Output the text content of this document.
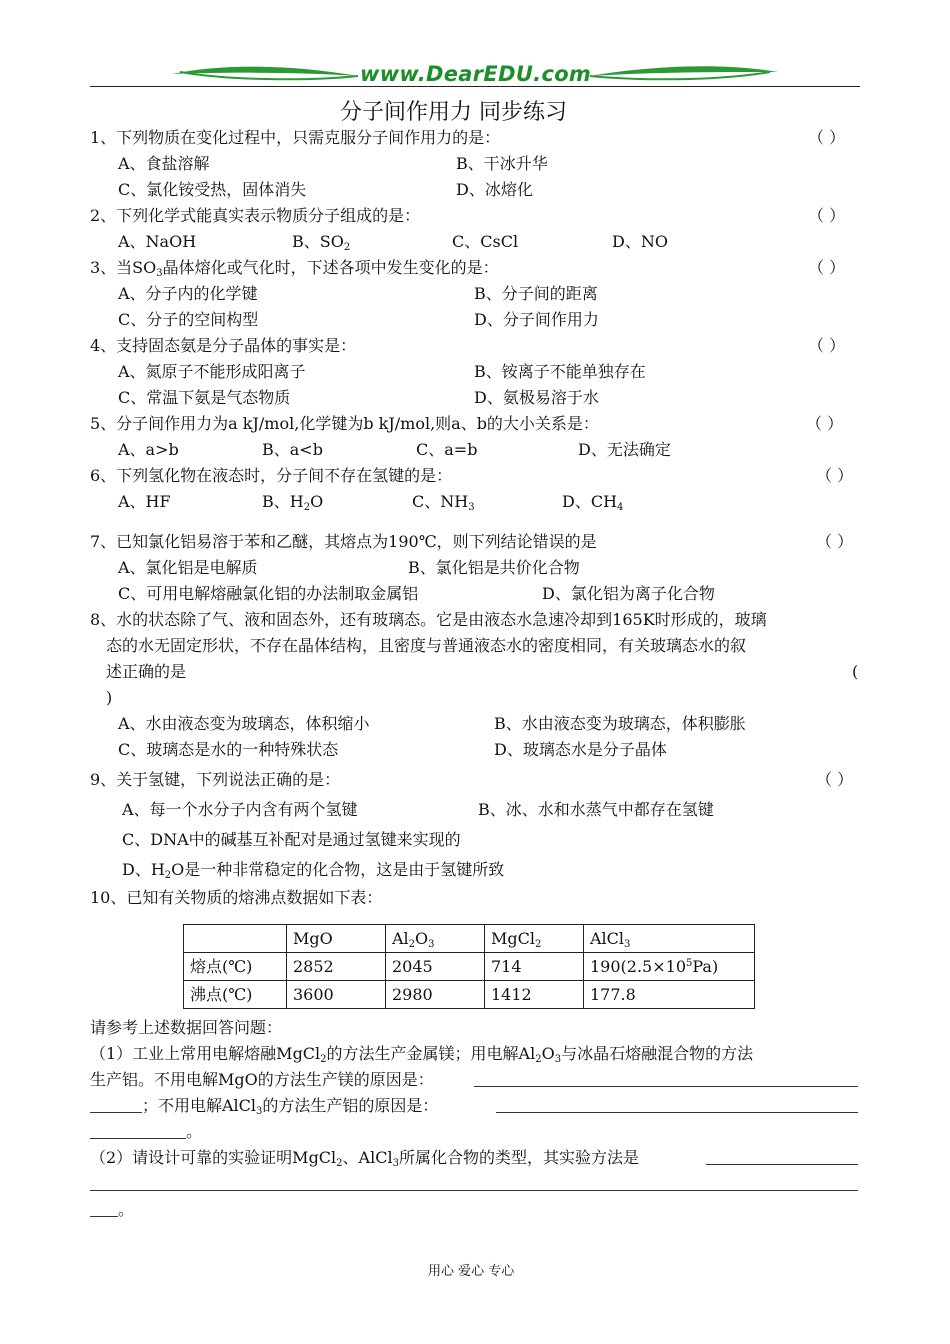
www.DearEDU.com
分子间作用力 同步练习
1、下列物质在变化过程中，只需克服分子间作用力的是：	（ ）
A、食盐溶解	B、干冰升华
C、氯化铵受热，固体消失	D、冰熔化
2、下列化学式能真实表示物质分子组成的是：	（ ）
A、NaOH	B、$SO_2$	C、CsCl	D、NO
3、当$SO_3$晶体熔化或气化时，下述各项中发生变化的是：	（ ）
A、分子内的化学键	B、分子间的距离
C、分子的空间构型	D、分子间作用力
4、支持固态氨是分子晶体的事实是：	（ ）
A、氮原子不能形成阳离子	B、铵离子不能单独存在
C、常温下氨是气态物质	D、氨极易溶于水
5、分子间作用力为a kJ/mol,化学键为b kJ/mol,则a、b的大小关系是：	（ ）
A、a>b	B、a<b	C、a=b	D、无法确定
6、下列氢化物在液态时，分子间不存在氢键的是：	（ ）
A、HF	B、$H_2O$	C、$NH_3$	D、$CH_4$
7、已知氯化铝易溶于苯和乙醚，其熔点为190℃，则下列结论错误的是	（ ）
A、氯化铝是电解质	B、氯化铝是共价化合物
C、可用电解熔融氯化铝的办法制取金属铝	D、氯化铝为离子化合物
8、水的状态除了气、液和固态外，还有玻璃态。它是由液态水急速冷却到165K时形成的，玻璃
态的水无固定形状，不存在晶体结构，且密度与普通液态水的密度相同，有关玻璃态水的叙
述正确的是	(
)
A、水由液态变为玻璃态，体积缩小	B、水由液态变为玻璃态，体积膨胀
C、玻璃态是水的一种特殊状态	D、玻璃态水是分子晶体
9、关于氢键，下列说法正确的是：	（ ）
A、每一个水分子内含有两个氢键	B、冰、水和水蒸气中都存在氢键
C、DNA中的碱基互补配对是通过氢键来实现的
D、$H_2O$是一种非常稳定的化合物，这是由于氢键所致
10、已知有关物质的熔沸点数据如下表：
	MgO	$Al_2O_3$	MgCl$_2$	AlCl$_3$
熔点(℃)	2852	2045	714	$190(2.5\times 10^5Pa)$
沸点(℃)	3600	2980	1412	177.8
请参考上述数据回答问题：
（1）工业上常用电解熔融MgCl$_2$的方法生产金属镁；用电解$Al_2O_3$与冰晶石熔融混合物的方法
生产铝。不用电解MgO的方法生产镁的原因是：
；不用电解AlCl$_3$的方法生产铝的原因是：
。
（2）请设计可靠的实验证明MgCl$_2$、AlCl$_3$所属化合物的类型，其实验方法是
。
用心 爱心 专心
